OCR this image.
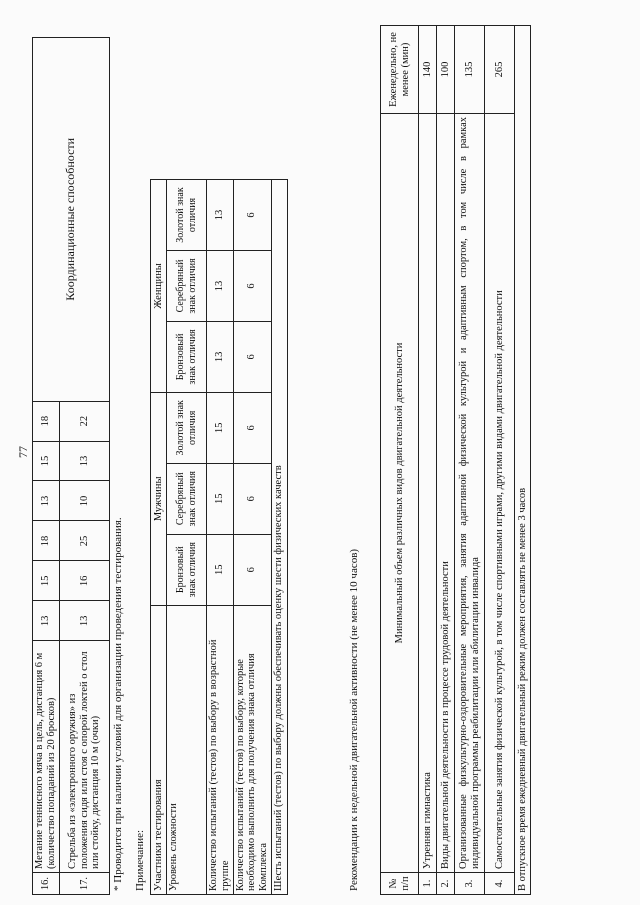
77
16.	Метание теннисного мяча в цель, дистанция 6 м (количество попаданий из 20 бросков)	13	15	18	13	15	18	Координационные способности
17.	Стрельба из «электронного оружия» из положения сидя или стоя с опорой локтей о стол или стойку, дистанция 10 м (очки)	13	16	25	10	13	22	
* Проводится при наличии условий для организации проведения тестирования. Примечание: Участники тестирования	Мужчины			Женщины		
Уровень сложности	Бронзовый знак отличия	Серебряный знак отличия	Золотой знак отличия	Бронзовый знак отличия	Серебряный знак отличия	Золотой знак отличия
Количество испытаний (тестов) по выбору в возрастной группе	15	15	15	13	13	13
Количество испытаний (тестов) по выбору, которые необходимо выполнить для получения знака отличия Комплекса	6	6	6	6	6	6
Шесть испытаний (тестов) по выбору должны обеспечивать оценку шести физических качеств							Рекомендации к недельной двигательной активности (не менее 10 часов)	№ п/п	Минимальный объем различных видов двигательной деятельности	Еженедельно, не менее (мин)
1.	Утренняя гимнастика	140
2.	Виды двигательной деятельности в процессе трудовой деятельности	100
3.	Организованные физкультурно-оздоровительные мероприятия, занятия адаптивной физической культурой и адаптивным спортом, в том числе в рамках индивидуальной программы реабилитации или абилитации инвалида	135
4.	Самостоятельные занятия физической культурой, в том числе спортивными играми, другими видами двигательной деятельности	265
В отпускное время ежедневный двигательный режим должен составлять не менее 3 часов		
